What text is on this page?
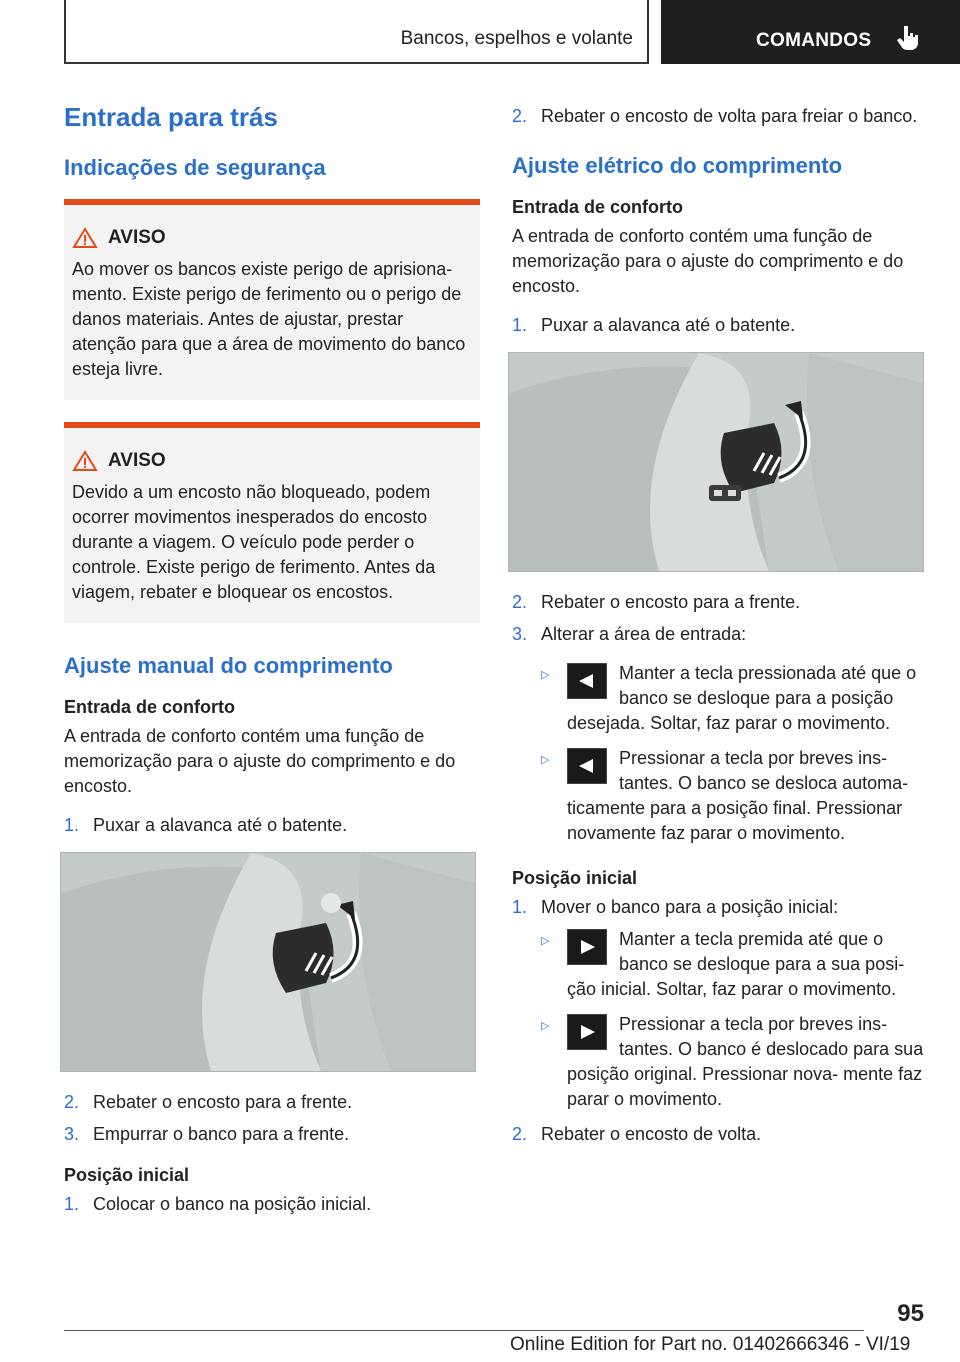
Bancos, espelhos e volante	COMANDOS
Entrada para trás
Indicações de segurança
AVISO

Ao mover os bancos existe perigo de aprisiona- mento. Existe perigo de ferimento ou o perigo de danos materiais. Antes de ajustar, prestar atenção para que a área de movimento do banco esteja livre.

AVISO

Devido a um encosto não bloqueado, podem ocorrer movimentos inesperados do encosto durante a viagem. O veículo pode perder o controle. Existe perigo de ferimento. Antes da viagem, rebater e bloquear os encostos.

Ajuste manual do comprimento
Entrada de conforto

A entrada de conforto contém uma função de memorização para o ajuste do comprimento e do encosto.

1. Puxar a alavanca até o batente.
2. Rebater o encosto para a frente.
3. Empurrar o banco para a frente.
Posição inicial
1. Colocar o banco na posição inicial.
2. Rebater o encosto de volta para freiar o banco.
Ajuste elétrico do comprimento
Entrada de conforto

A entrada de conforto contém uma função de memorização para o ajuste do comprimento e do encosto.

1. Puxar a alavanca até o batente.
2. Rebater o encosto para a frente.
3. Alterar a área de entrada:
▷	Manter a tecla pressionada até que o banco se desloque para a posição desejada. Soltar, faz parar o movimento.
▷	Pressionar a tecla por breves ins- tantes. O banco se desloca automa- ticamente para a posição final. Pressionar novamente faz parar o movimento.
Posição inicial
1. Mover o banco para a posição inicial:
▷	Manter a tecla premida até que o banco se desloque para a sua posi- ção inicial. Soltar, faz parar o movimento.
▷	Pressionar a tecla por breves ins- tantes. O banco é deslocado para sua posição original. Pressionar nova- mente faz parar o movimento.
2. Rebater o encosto de volta.
95
Online Edition for Part no. 01402666346 - VI/19
